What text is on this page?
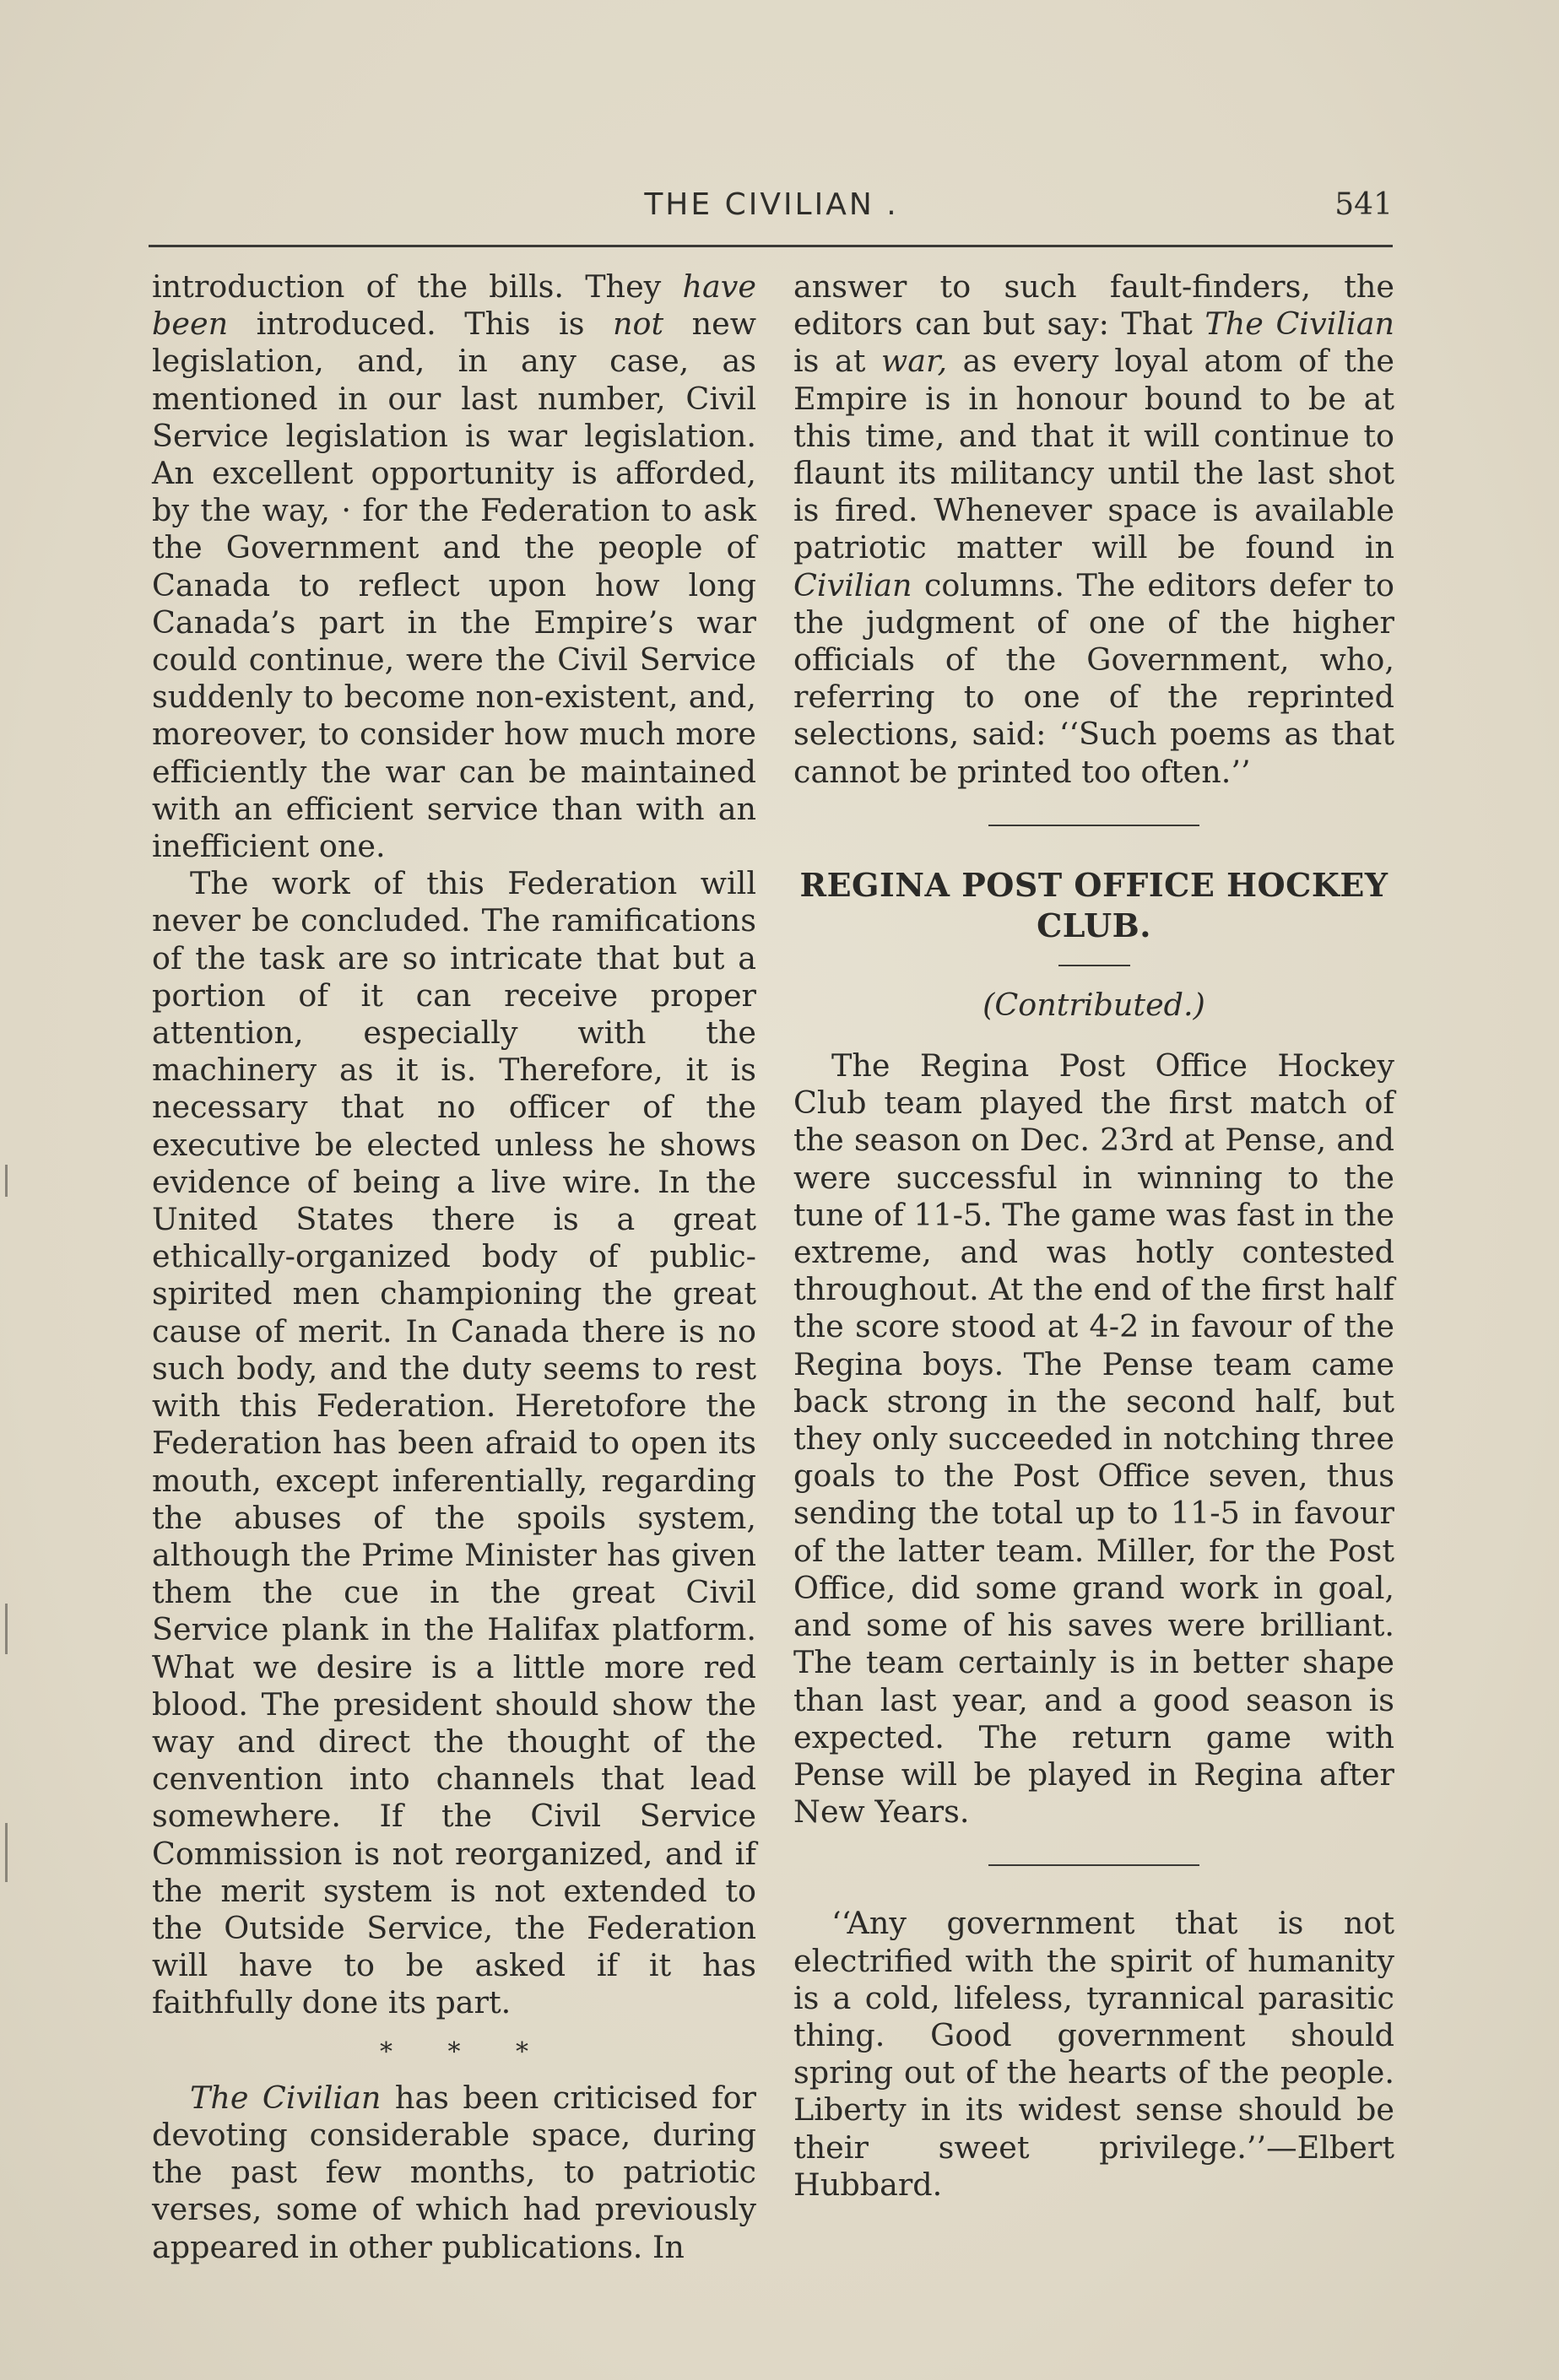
THE CIVILIAN .	541

introduction of the bills. They have been introduced. This is not new legislation, and, in any case, as mentioned in our last number, Civil Service legislation is war legislation. An excellent opportunity is afforded, by the way, · for the Federation to ask the Government and the people of Canada to reflect upon how long Canada’s part in the Empire’s war could continue, were the Civil Service suddenly to become non-existent, and, moreover, to consider how much more efficiently the war can be maintained with an efficient service than with an inefficient one.

The work of this Federation will never be concluded. The ramifications of the task are so intricate that but a portion of it can receive proper attention, especially with the machinery as it is. Therefore, it is necessary that no officer of the executive be elected unless he shows evidence of being a live wire. In the United States there is a great ethically-organized body of public-spirited men championing the great cause of merit. In Canada there is no such body, and the duty seems to rest with this Federation. Heretofore the Federation has been afraid to open its mouth, except inferentially, regarding the abuses of the spoils system, although the Prime Minister has given them the cue in the great Civil Service plank in the Halifax platform. What we desire is a little more red blood. The president should show the way and direct the thought of the cenvention into channels that lead somewhere. If the Civil Service Commission is not reorganized, and if the merit system is not extended to the Outside Service, the Federation will have to be asked if it has faithfully done its part.

* * *

The Civilian has been criticised for devoting considerable space, during the past few months, to patriotic verses, some of which had previously appeared in other publications. In

answer to such fault-finders, the editors can but say: That The Civilian is at war, as every loyal atom of the Empire is in honour bound to be at this time, and that it will continue to flaunt its militancy until the last shot is fired. Whenever space is available patriotic matter will be found in Civilian columns. The editors defer to the judgment of one of the higher officials of the Government, who, referring to one of the reprinted selections, said: ‘‘Such poems as that cannot be printed too often.’’

REGINA POST OFFICE HOCKEY
CLUB.
(Contributed.)

The Regina Post Office Hockey Club team played the first match of the season on Dec. 23rd at Pense, and were successful in winning to the tune of 11-5. The game was fast in the extreme, and was hotly contested throughout. At the end of the first half the score stood at 4-2 in favour of the Regina boys. The Pense team came back strong in the second half, but they only succeeded in notching three goals to the Post Office seven, thus sending the total up to 11-5 in favour of the latter team. Miller, for the Post Office, did some grand work in goal, and some of his saves were brilliant. The team certainly is in better shape than last year, and a good season is expected. The return game with Pense will be played in Regina after New Years.

‘‘Any government that is not electrified with the spirit of humanity is a cold, lifeless, tyrannical parasitic thing. Good government should spring out of the hearts of the people. Liberty in its widest sense should be their sweet privilege.’’—Elbert Hubbard.
